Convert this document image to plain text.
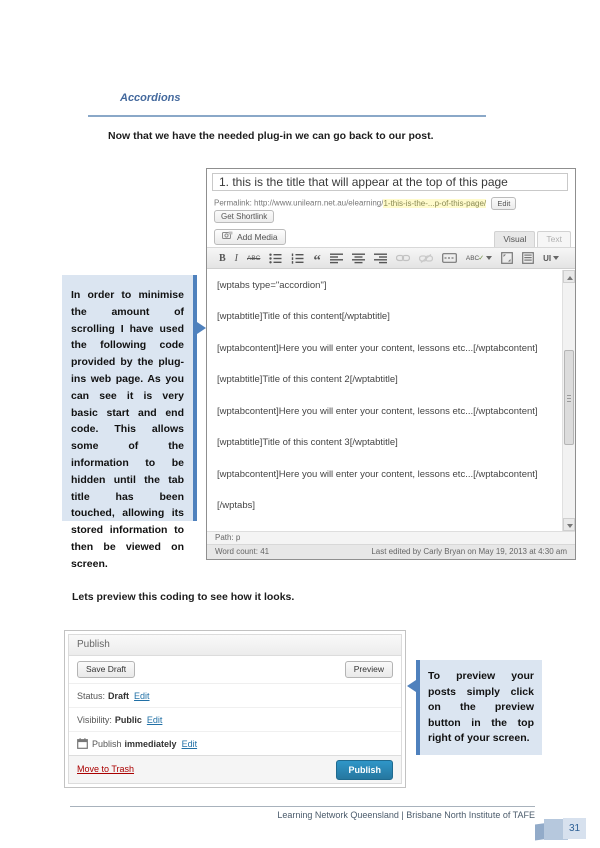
Accordions
Now that we have the needed plug-in we can go back to our post.
In order to minimise the amount of scrolling I have used the following code provided by the plug-ins web page. As you can see it is very basic start and end code. This allows some of the information to be hidden until the tab title has been touched, allowing its stored information to then be viewed on screen.
1. this is the title that will appear at the top of this page
Permalink: http://www.unilearn.net.au/elearning/1-this-is-the-...p-of-this-page/ Edit
Get Shortlink
Add Media	Visual	Text
B I ABC	“	ABC ✓	UI
[wptabs type="accordion"]
[wptabtitle]Title of this content[/wptabtitle]
[wptabcontent]Here you will enter your content, lessons etc...[/wptabcontent]
[wptabtitle]Title of this content 2[/wptabtitle]
[wptabcontent]Here you will enter your content, lessons etc...[/wptabcontent]
[wptabtitle]Title of this content 3[/wptabtitle]
[wptabcontent]Here you will enter your content, lessons etc...[/wptabcontent]
[/wptabs]
Path: p
Word count: 41	Last edited by Carly Bryan on May 19, 2013 at 4:30 am
Lets preview this coding to see how it looks.
Publish
Save Draft	Preview
Status: Draft Edit
Visibility: Public Edit
Publish immediately Edit
Move to Trash	Publish
To preview your posts simply click on the preview button in the top right of your screen.
Learning Network Queensland | Brisbane North Institute of TAFE
31
